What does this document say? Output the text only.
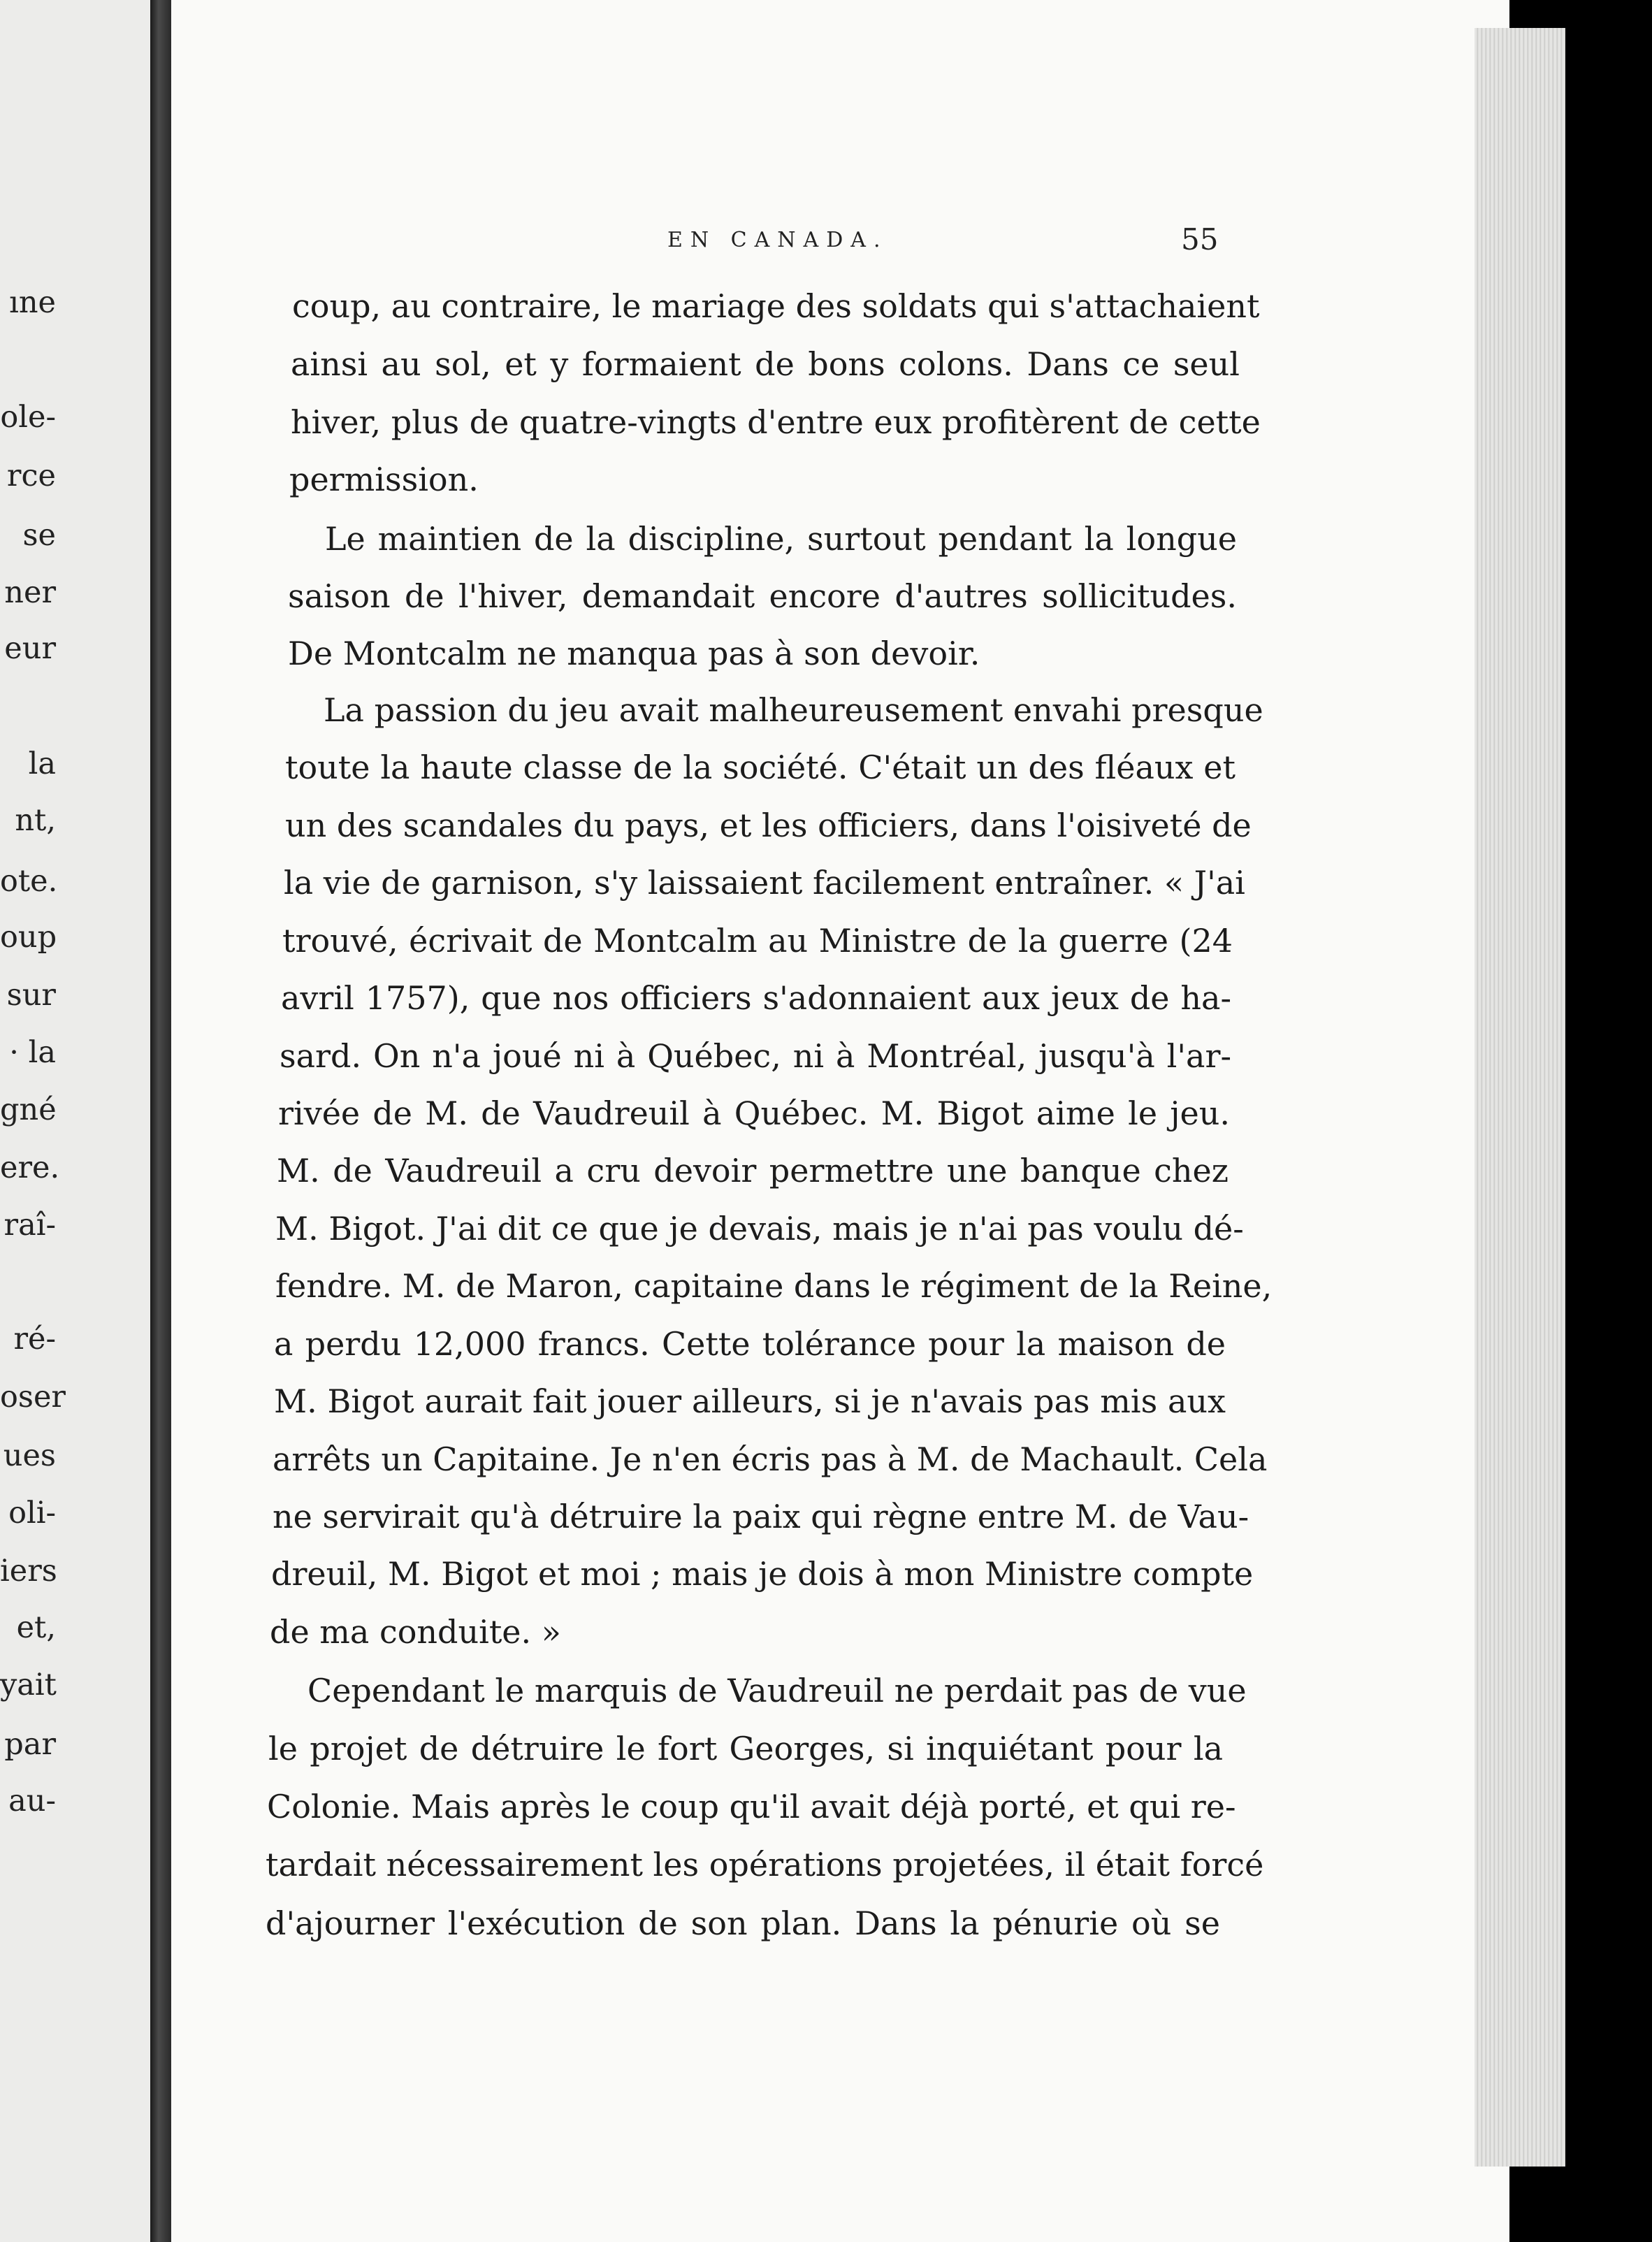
ıne
ole-
rce
se
ner
eur
la
nt,
ote.
oup
sur
· la
gné
ere.
raî-
ré-
oser
ues
oli-
iers
et,
yait
par
au-
EN CANADA.	55

coup, au contraire, le mariage des soldats qui s'attachaient

ainsi au sol, et y formaient de bons colons. Dans ce seul

hiver, plus de quatre-vingts d'entre eux profitèrent de cette

permission.

Le maintien de la discipline, surtout pendant la longue

saison de l'hiver, demandait encore d'autres sollicitudes.

De Montcalm ne manqua pas à son devoir.

La passion du jeu avait malheureusement envahi presque

toute la haute classe de la société. C'était un des fléaux et

un des scandales du pays, et les officiers, dans l'oisiveté de

la vie de garnison, s'y laissaient facilement entraîner. « J'ai

trouvé, écrivait de Montcalm au Ministre de la guerre (24

avril 1757), que nos officiers s'adonnaient aux jeux de ha-

sard. On n'a joué ni à Québec, ni à Montréal, jusqu'à l'ar-

rivée de M. de Vaudreuil à Québec. M. Bigot aime le jeu.

M. de Vaudreuil a cru devoir permettre une banque chez

M. Bigot. J'ai dit ce que je devais, mais je n'ai pas voulu dé-

fendre. M. de Maron, capitaine dans le régiment de la Reine,

a perdu 12,000 francs. Cette tolérance pour la maison de

M. Bigot aurait fait jouer ailleurs, si je n'avais pas mis aux

arrêts un Capitaine. Je n'en écris pas à M. de Machault. Cela

ne servirait qu'à détruire la paix qui règne entre M. de Vau-

dreuil, M. Bigot et moi ; mais je dois à mon Ministre compte

de ma conduite. »

Cependant le marquis de Vaudreuil ne perdait pas de vue

le projet de détruire le fort Georges, si inquiétant pour la

Colonie. Mais après le coup qu'il avait déjà porté, et qui re-

tardait nécessairement les opérations projetées, il était forcé

d'ajourner l'exécution de son plan. Dans la pénurie où se
